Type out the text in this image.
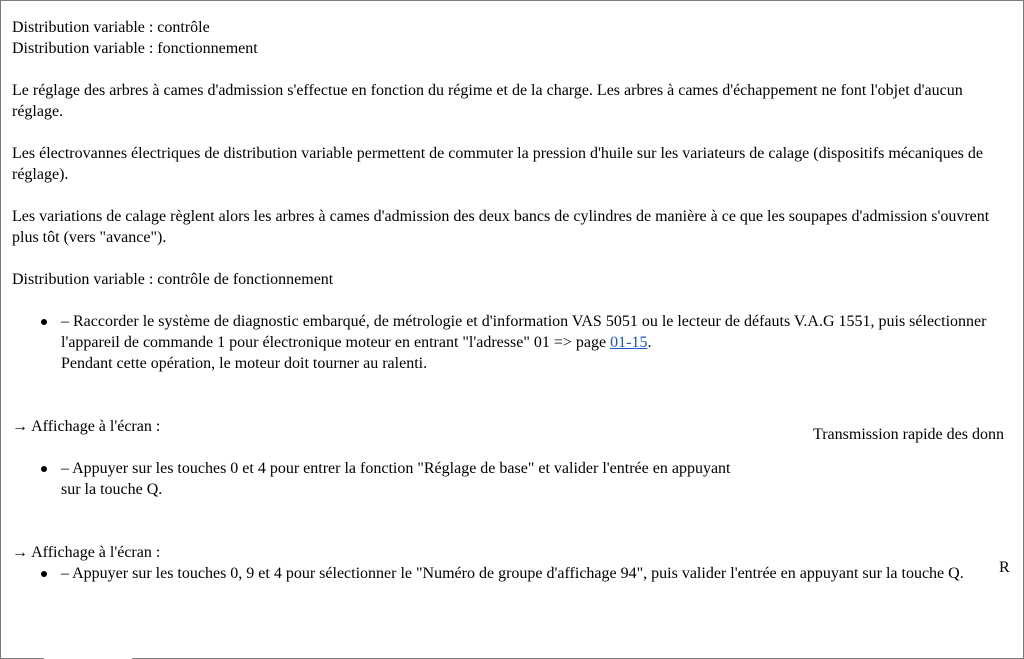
Distribution variable : contrôle

Distribution variable : fonctionnement

Le réglage des arbres à cames d'admission s'effectue en fonction du régime et de la charge. Les arbres à cames d'échappement ne font l'objet d'aucun réglage.

Les électrovannes électriques de distribution variable permettent de commuter la pression d'huile sur les variateurs de calage (dispositifs mécaniques de réglage).

Les variations de calage règlent alors les arbres à cames d'admission des deux bancs de cylindres de manière à ce que les soupapes d'admission s'ouvrent plus tôt (vers "avance").

Distribution variable : contrôle de fonctionnement

– Raccorder le système de diagnostic embarqué, de métrologie et d'information VAS 5051 ou le lecteur de défauts V.A.G 1551, puis sélectionner l'appareil de commande 1 pour électronique moteur en entrant "l'adresse" 01 => page 01-15.
Pendant cette opération, le moteur doit tourner au ralenti.

→ Affichage à l'écran :

– Appuyer sur les touches 0 et 4 pour entrer la fonction "Réglage de base" et valider l'entrée en appuyant sur la touche Q.

→ Affichage à l'écran :

– Appuyer sur les touches 0, 9 et 4 pour sélectionner le "Numéro de groupe d'affichage 94", puis valider l'entrée en appuyant sur la touche Q.
Transmission rapide des donn
R
